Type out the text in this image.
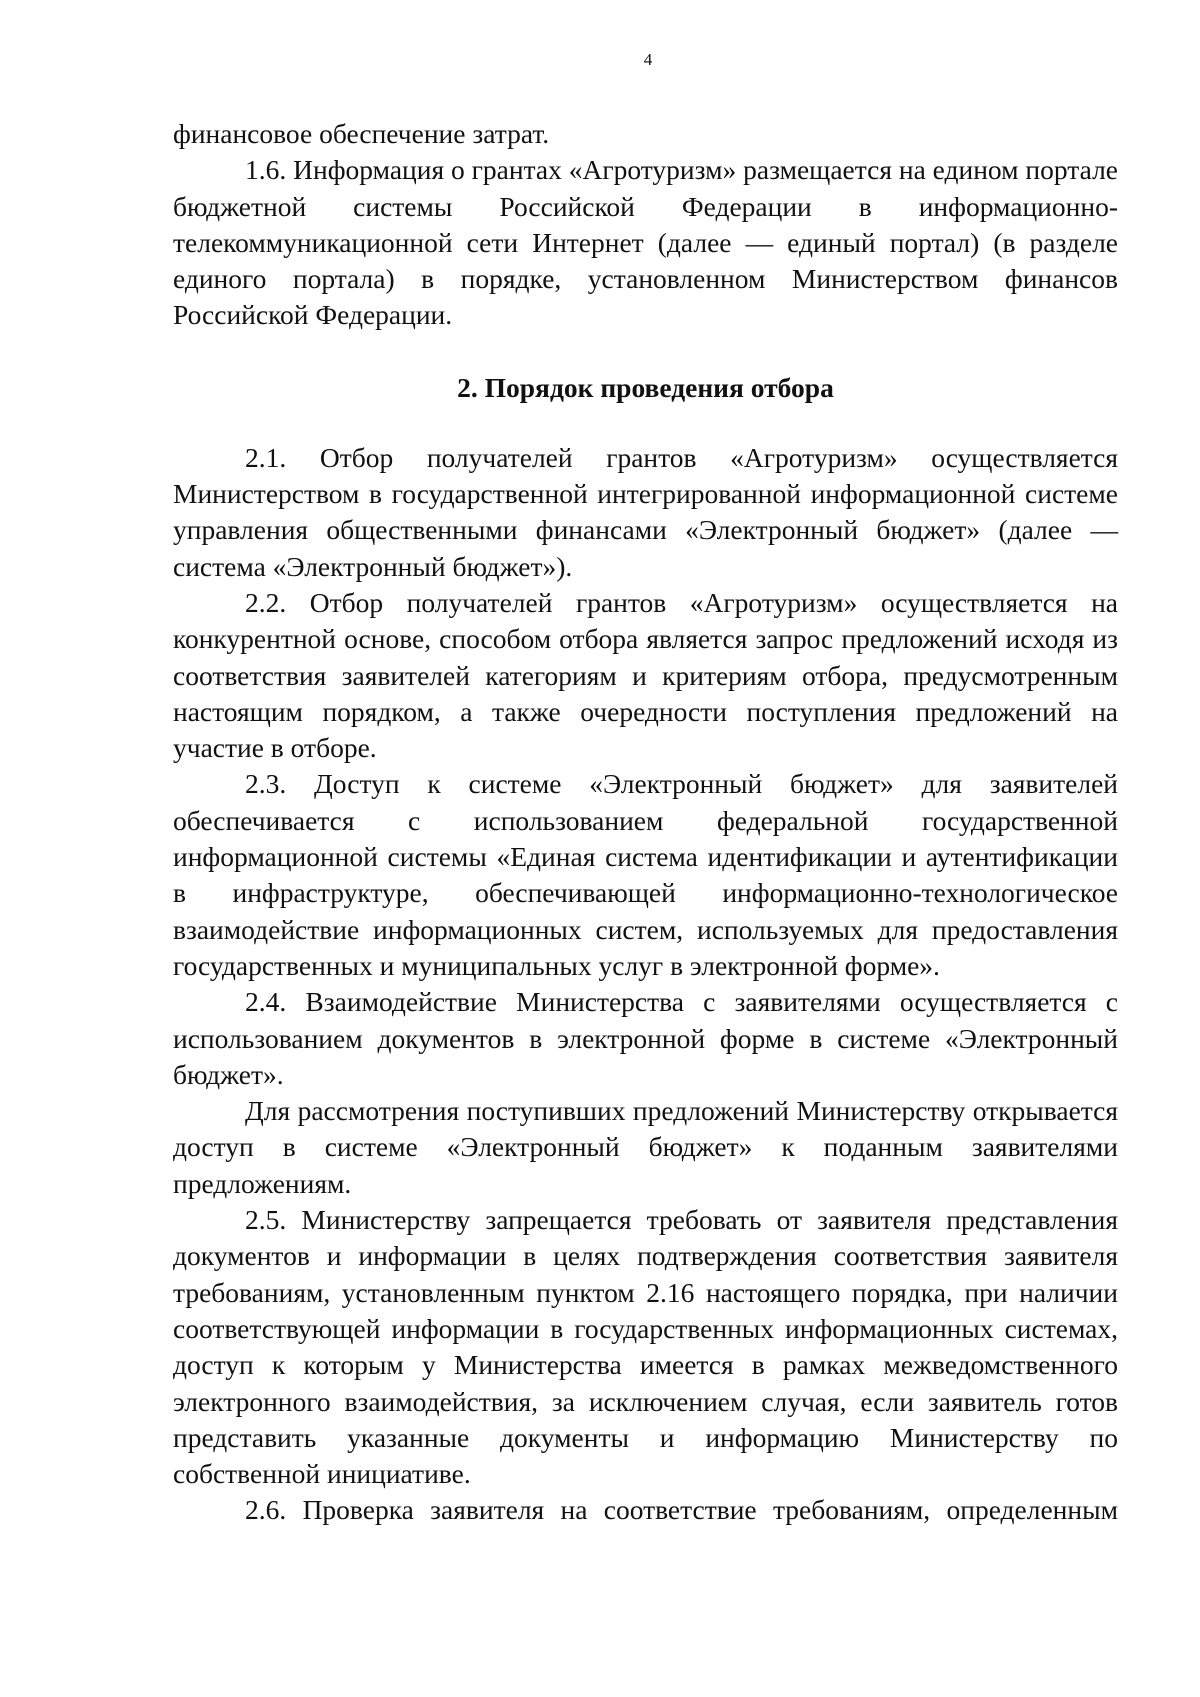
4

финансовое обеспечение затрат.

1.6. Информация о грантах «Агротуризм» размещается на едином портале бюджетной системы Российской Федерации в информационно-телекоммуникационной сети Интернет (далее — единый портал) (в разделе единого портала) в порядке, установленном Министерством финансов Российской Федерации.

2. Порядок проведения отбора

2.1. Отбор получателей грантов «Агротуризм» осуществляется Министерством в государственной интегрированной информационной системе управления общественными финансами «Электронный бюджет» (далее — система «Электронный бюджет»).

2.2. Отбор получателей грантов «Агротуризм» осуществляется на конкурентной основе, способом отбора является запрос предложений исходя из соответствия заявителей категориям и критериям отбора, предусмотренным настоящим порядком, а также очередности поступления предложений на участие в отборе.

2.3. Доступ к системе «Электронный бюджет» для заявителей обеспечивается с использованием федеральной государственной информационной системы «Единая система идентификации и аутентификации в инфраструктуре, обеспечивающей информационно-технологическое взаимодействие информационных систем, используемых для предоставления государственных и муниципальных услуг в электронной форме».

2.4. Взаимодействие Министерства с заявителями осуществляется с использованием документов в электронной форме в системе «Электронный бюджет».

Для рассмотрения поступивших предложений Министерству открывается доступ в системе «Электронный бюджет» к поданным заявителями предложениям.

2.5. Министерству запрещается требовать от заявителя представления документов и информации в целях подтверждения соответствия заявителя требованиям, установленным пунктом 2.16 настоящего порядка, при наличии соответствующей информации в государственных информационных системах, доступ к которым у Министерства имеется в рамках межведомственного электронного взаимодействия, за исключением случая, если заявитель готов представить указанные документы и информацию Министерству по собственной инициативе.

2.6. Проверка заявителя на соответствие требованиям, определенным
